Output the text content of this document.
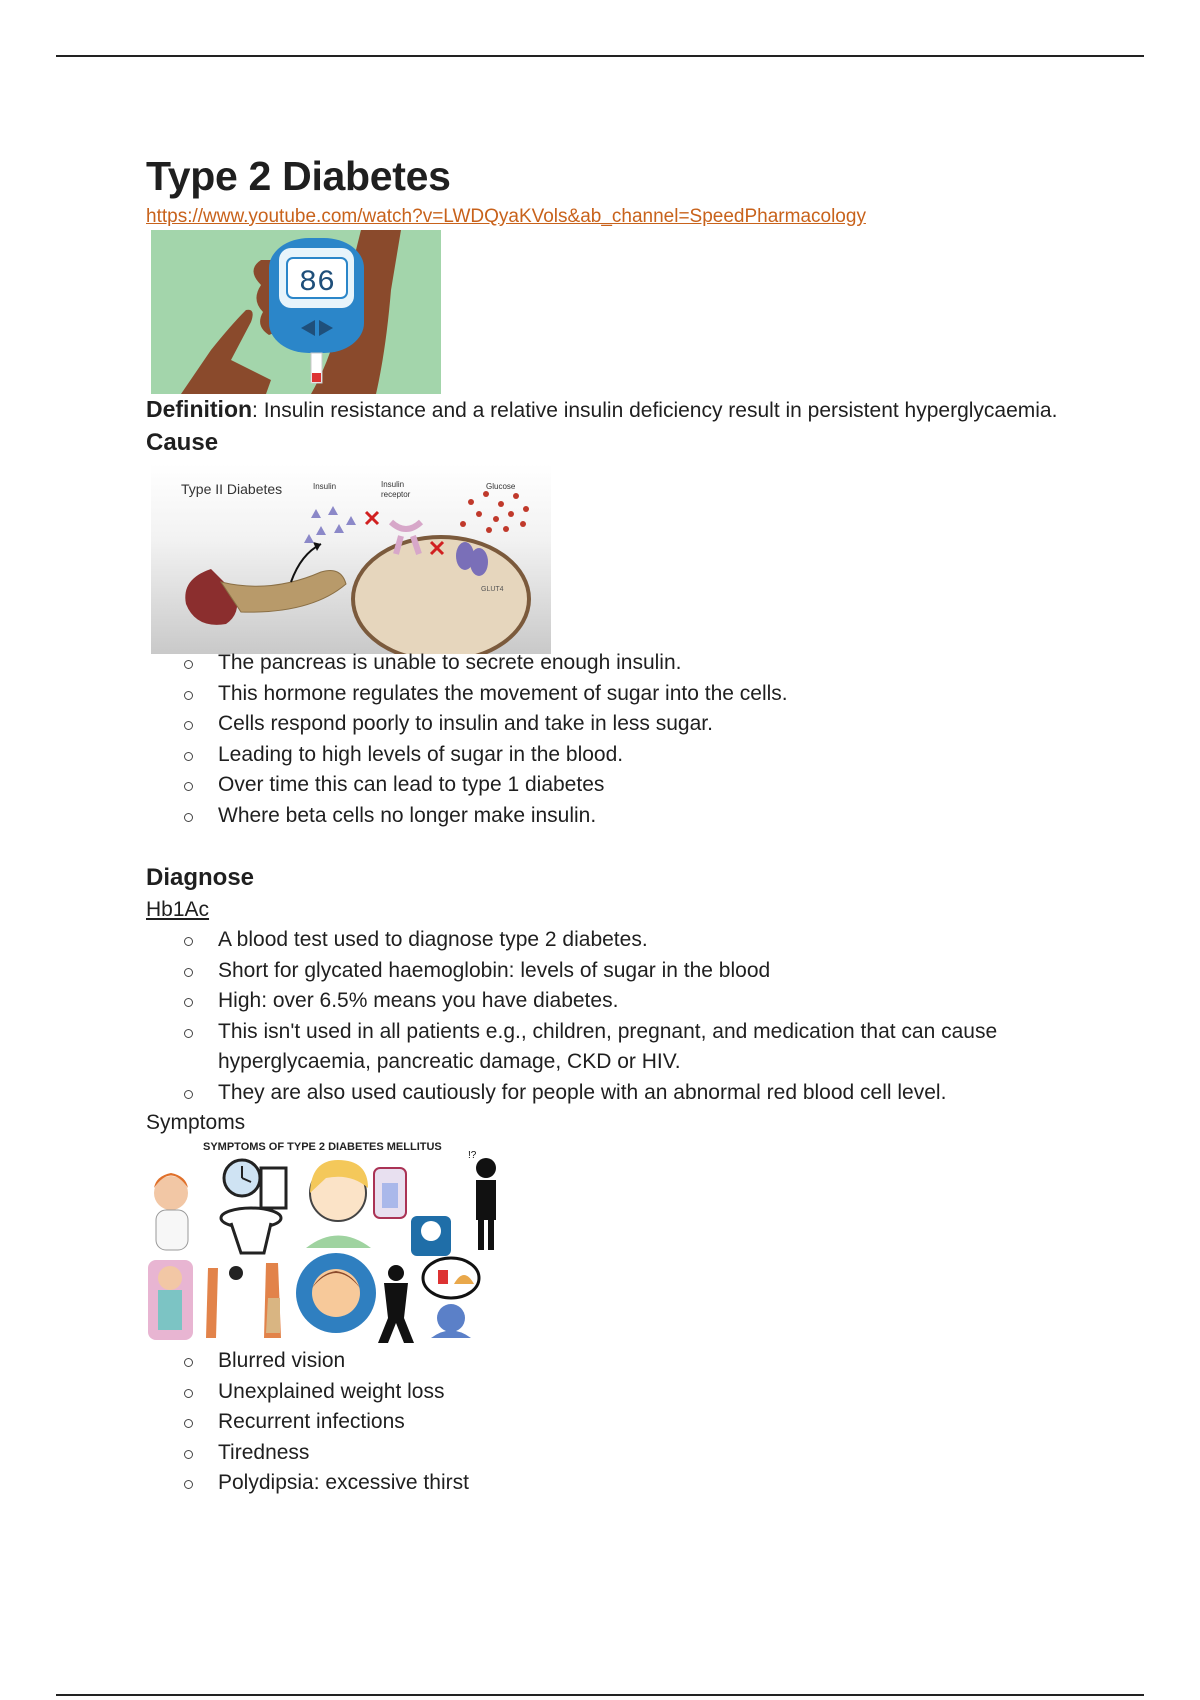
Type 2 Diabetes
https://www.youtube.com/watch?v=LWDQyaKVols&ab_channel=SpeedPharmacology
86

Definition: Insulin resistance and a relative insulin deficiency result in persistent hyperglycaemia.

Cause
Type II Diabetes	Insulin	Insulin
receptor
Glucose
GLUT4
The pancreas is unable to secrete enough insulin.
This hormone regulates the movement of sugar into the cells.
Cells respond poorly to insulin and take in less sugar.
Leading to high levels of sugar in the blood.
Over time this can lead to type 1 diabetes
Where beta cells no longer make insulin.
Diagnose
Hb1Ac
A blood test used to diagnose type 2 diabetes.
Short for glycated haemoglobin: levels of sugar in the blood
High: over 6.5% means you have diabetes.
This isn't used in all patients e.g., children, pregnant, and medication that can cause hyperglycaemia, pancreatic damage, CKD or HIV.
They are also used cautiously for people with an abnormal red blood cell level.
Symptoms
SYMPTOMS OF TYPE 2 DIABETES MELLITUS
!?
Blurred vision
Unexplained weight loss
Recurrent infections
Tiredness
Polydipsia: excessive thirst
